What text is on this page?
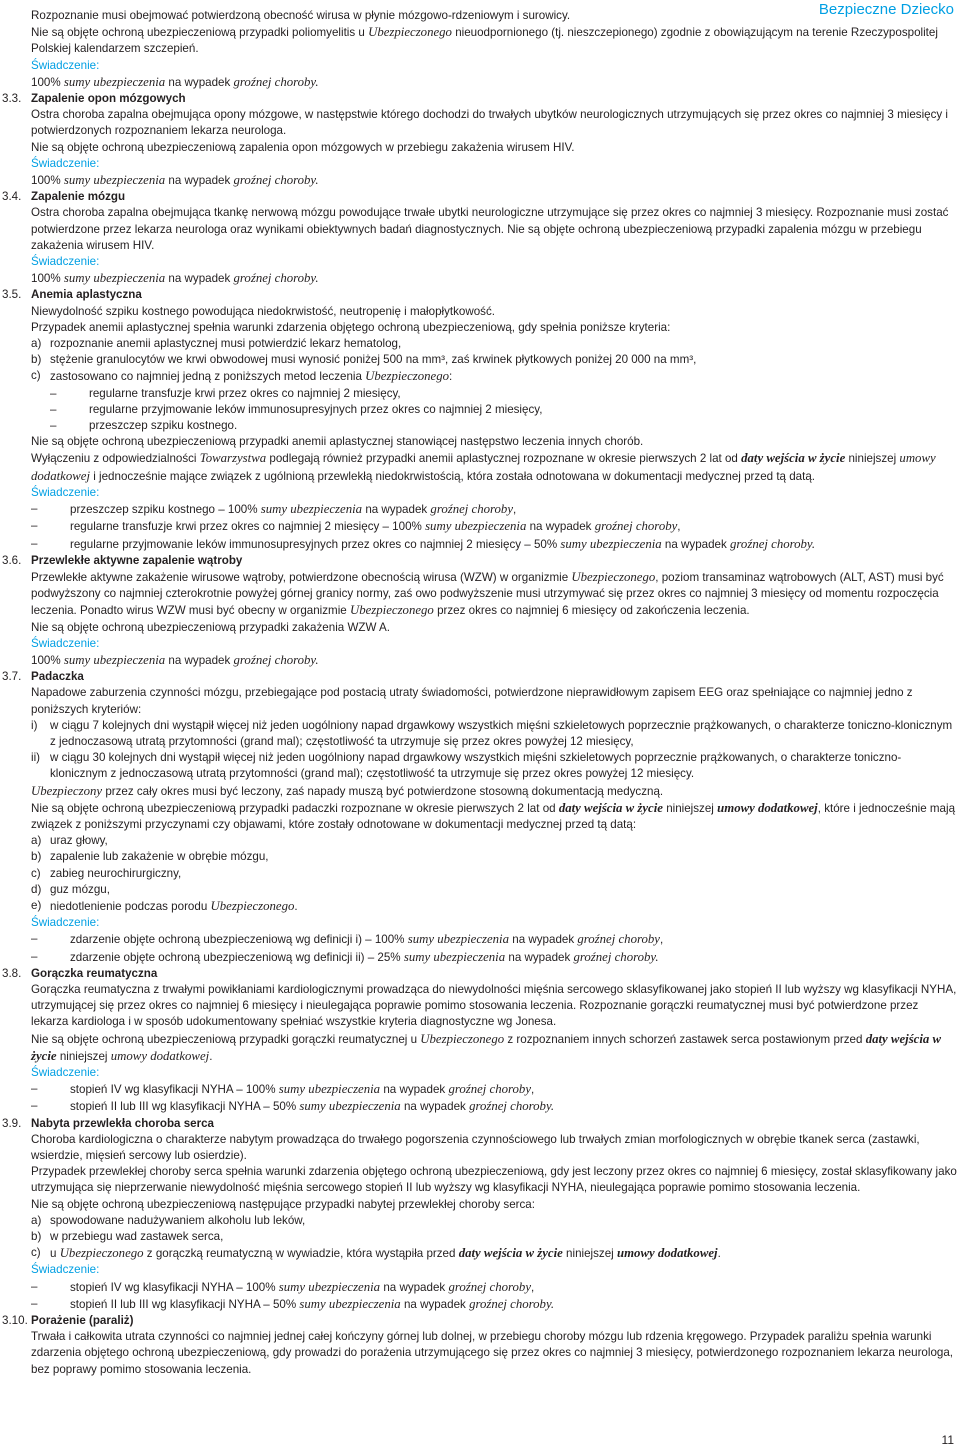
Bezpieczne Dziecko

Rozpoznanie musi obejmować potwierdzoną obecność wirusa w płynie mózgowo-rdzeniowym i surowicy.

Nie są objęte ochroną ubezpieczeniową przypadki poliomyelitis u Ubezpieczonego nieuodpornionego (tj. nieszczepionego) zgodnie z obowiązującym na terenie Rzeczypospolitej Polskiej kalendarzem szczepień.

Świadczenie:

100% sumy ubezpieczenia na wypadek groźnej choroby.

3.3. Zapalenie opon mózgowych

Ostra choroba zapalna obejmująca opony mózgowe, w następstwie którego dochodzi do trwałych ubytków neurologicznych utrzymujących się przez okres co najmniej 3 miesięcy i potwierdzonych rozpoznaniem lekarza neurologa.

Nie są objęte ochroną ubezpieczeniową zapalenia opon mózgowych w przebiegu zakażenia wirusem HIV.

Świadczenie:

100% sumy ubezpieczenia na wypadek groźnej choroby.

3.4. Zapalenie mózgu

Ostra choroba zapalna obejmująca tkankę nerwową mózgu powodujące trwałe ubytki neurologiczne utrzymujące się przez okres co najmniej 3 miesięcy. Rozpoznanie musi zostać potwierdzone przez lekarza neurologa oraz wynikami obiektywnych badań diagnostycznych. Nie są objęte ochroną ubezpieczeniową przypadki zapalenia mózgu w przebiegu zakażenia wirusem HIV.

Świadczenie:

100% sumy ubezpieczenia na wypadek groźnej choroby.

3.5. Anemia aplastyczna

Niewydolność szpiku kostnego powodująca niedokrwistość, neutropenię i małopłytkowość.

Przypadek anemii aplastycznej spełnia warunki zdarzenia objętego ochroną ubezpieczeniową, gdy spełnia poniższe kryteria:

a) rozpoznanie anemii aplastycznej musi potwierdzić lekarz hematolog,
b) stężenie granulocytów we krwi obwodowej musi wynosić poniżej 500 na mm³, zaś krwinek płytkowych poniżej 20 000 na mm³,
c) zastosowano co najmniej jedną z poniższych metod leczenia Ubezpieczonego:
–	regularne transfuzje krwi przez okres co najmniej 2 miesięcy,
–	regularne przyjmowanie leków immunosupresyjnych przez okres co najmniej 2 miesięcy,
–	przeszczep szpiku kostnego.

Nie są objęte ochroną ubezpieczeniową przypadki anemii aplastycznej stanowiącej następstwo leczenia innych chorób.

Wyłączeniu z odpowiedzialności Towarzystwa podlegają również przypadki anemii aplastycznej rozpoznane w okresie pierwszych 2 lat od daty wejścia w życie niniejszej umowy dodatkowej i jednocześnie mające związek z ugólnioną przewlekłą niedokrwistością, która została odnotowana w dokumentacji medycznej przed tą datą.

Świadczenie:

–	przeszczep szpiku kostnego – 100% sumy ubezpieczenia na wypadek groźnej choroby,
–	regularne transfuzje krwi przez okres co najmniej 2 miesięcy – 100% sumy ubezpieczenia na wypadek groźnej choroby,
–	regularne przyjmowanie leków immunosupresyjnych przez okres co najmniej 2 miesięcy – 50% sumy ubezpieczenia na wypadek groźnej choroby.
3.6. Przewlekłe aktywne zapalenie wątroby

Przewlekłe aktywne zakażenie wirusowe wątroby, potwierdzone obecnością wirusa (WZW) w organizmie Ubezpieczonego, poziom transaminaz wątrobowych (ALT, AST) musi być podwyższony co najmniej czterokrotnie powyżej górnej granicy normy, zaś owo podwyższenie musi utrzymywać się przez okres co najmniej 3 miesięcy od momentu rozpoczęcia leczenia. Ponadto wirus WZW musi być obecny w organizmie Ubezpieczonego przez okres co najmniej 6 miesięcy od zakończenia leczenia.

Nie są objęte ochroną ubezpieczeniową przypadki zakażenia WZW A.

Świadczenie:

100% sumy ubezpieczenia na wypadek groźnej choroby.

3.7. Padaczka

Napadowe zaburzenia czynności mózgu, przebiegające pod postacią utraty świadomości, potwierdzone nieprawidłowym zapisem EEG oraz spełniające co najmniej jedno z poniższych kryteriów:

i) w ciągu 7 kolejnych dni wystąpił więcej niż jeden uogólniony napad drgawkowy wszystkich mięśni szkieletowych poprzecznie prążkowanych, o charakterze toniczno-klonicznym z jednoczasową utratą przytomności (grand mal); częstotliwość ta utrzymuje się przez okres powyżej 12 miesięcy,
ii) w ciągu 30 kolejnych dni wystąpił więcej niż jeden uogólniony napad drgawkowy wszystkich mięśni szkieletowych poprzecznie prążkowanych, o charakterze toniczno-klonicznym z jednoczasową utratą przytomności (grand mal); częstotliwość ta utrzymuje się przez okres powyżej 12 miesięcy.

Ubezpieczony przez cały okres musi być leczony, zaś napady muszą być potwierdzone stosowną dokumentacją medyczną.

Nie są objęte ochroną ubezpieczeniową przypadki padaczki rozpoznane w okresie pierwszych 2 lat od daty wejścia w życie niniejszej umowy dodatkowej, które i jednocześnie mają związek z poniższymi przyczynami czy objawami, które zostały odnotowane w dokumentacji medycznej przed tą datą:

a) uraz głowy,
b) zapalenie lub zakażenie w obrębie mózgu,
c) zabieg neurochirurgiczny,
d) guz mózgu,
e) niedotlenienie podczas porodu Ubezpieczonego.

Świadczenie:

–	zdarzenie objęte ochroną ubezpieczeniową wg definicji i) – 100% sumy ubezpieczenia na wypadek groźnej choroby,
–	zdarzenie objęte ochroną ubezpieczeniową wg definicji ii) – 25% sumy ubezpieczenia na wypadek groźnej choroby.
3.8. Gorączka reumatyczna

Gorączka reumatyczna z trwałymi powikłaniami kardiologicznymi prowadząca do niewydolności mięśnia sercowego sklasyfikowanej jako stopień II lub wyższy wg klasyfikacji NYHA, utrzymującej się przez okres co najmniej 6 miesięcy i nieulegająca poprawie pomimo stosowania leczenia. Rozpoznanie gorączki reumatycznej musi być potwierdzone przez lekarza kardiologa i w sposób udokumentowany spełniać wszystkie kryteria diagnostyczne wg Jonesa.

Nie są objęte ochroną ubezpieczeniową przypadki gorączki reumatycznej u Ubezpieczonego z rozpoznaniem innych schorzeń zastawek serca postawionym przed daty wejścia w życie niniejszej umowy dodatkowej.

Świadczenie:

–	stopień IV wg klasyfikacji NYHA – 100% sumy ubezpieczenia na wypadek groźnej choroby,
–	stopień II lub III wg klasyfikacji NYHA – 50% sumy ubezpieczenia na wypadek groźnej choroby.
3.9. Nabyta przewlekła choroba serca

Choroba kardiologiczna o charakterze nabytym prowadząca do trwałego pogorszenia czynnościowego lub trwałych zmian morfologicznych w obrębie tkanek serca (zastawki, wsierdzie, mięsień sercowy lub osierdzie).

Przypadek przewlekłej choroby serca spełnia warunki zdarzenia objętego ochroną ubezpieczeniową, gdy jest leczony przez okres co najmniej 6 miesięcy, został sklasyfikowany jako utrzymująca się nieprzerwanie niewydolność mięśnia sercowego stopień II lub wyższy wg klasyfikacji NYHA, nieulegająca poprawie pomimo stosowania leczenia.

Nie są objęte ochroną ubezpieczeniową następujące przypadki nabytej przewlekłej choroby serca:

a) spowodowane nadużywaniem alkoholu lub leków,
b) w przebiegu wad zastawek serca,
c) u Ubezpieczonego z gorączką reumatyczną w wywiadzie, która wystąpiła przed daty wejścia w życie niniejszej umowy dodatkowej.

Świadczenie:

–	stopień IV wg klasyfikacji NYHA – 100% sumy ubezpieczenia na wypadek groźnej choroby,
–	stopień II lub III wg klasyfikacji NYHA – 50% sumy ubezpieczenia na wypadek groźnej choroby.
3.10. Porażenie (paraliż)

Trwała i całkowita utrata czynności co najmniej jednej całej kończyny górnej lub dolnej, w przebiegu choroby mózgu lub rdzenia kręgowego. Przypadek paraliżu spełnia warunki zdarzenia objętego ochroną ubezpieczeniową, gdy prowadzi do porażenia utrzymującego się przez okres co najmniej 3 miesięcy, potwierdzonego rozpoznaniem lekarza neurologa, bez poprawy pomimo stosowania leczenia.

11
